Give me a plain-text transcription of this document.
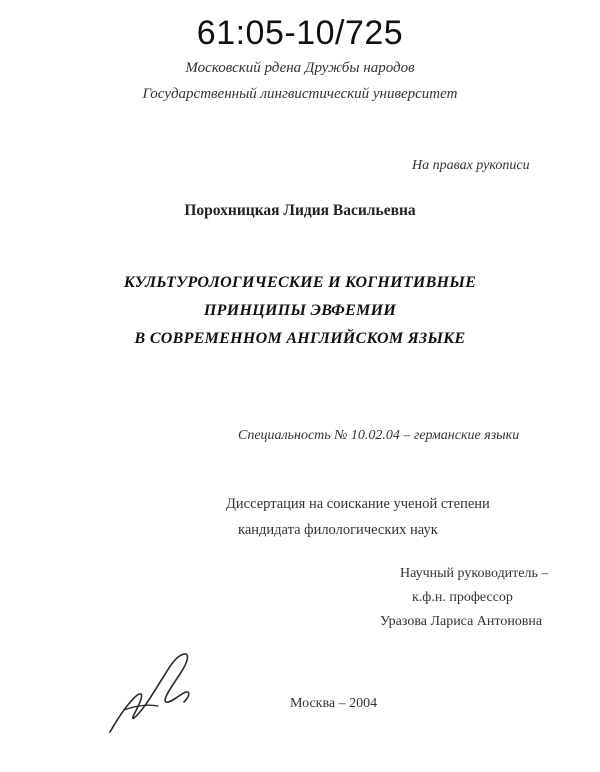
61:05-10/725
Московский рдена Дружбы народов
Государственный лингвистический университет
На правах рукописи
Порохницкая Лидия Васильевна
КУЛЬТУРОЛОГИЧЕСКИЕ И КОГНИТИВНЫЕ
ПРИНЦИПЫ ЭВФЕМИИ
В СОВРЕМЕННОМ АНГЛИЙСКОМ ЯЗЫКЕ
Специальность № 10.02.04 – германские языки
Диссертация на соискание ученой степени
кандидата филологических наук
Научный руководитель –
к.ф.н. профессор
Уразова Лариса Антоновна
Москва – 2004
